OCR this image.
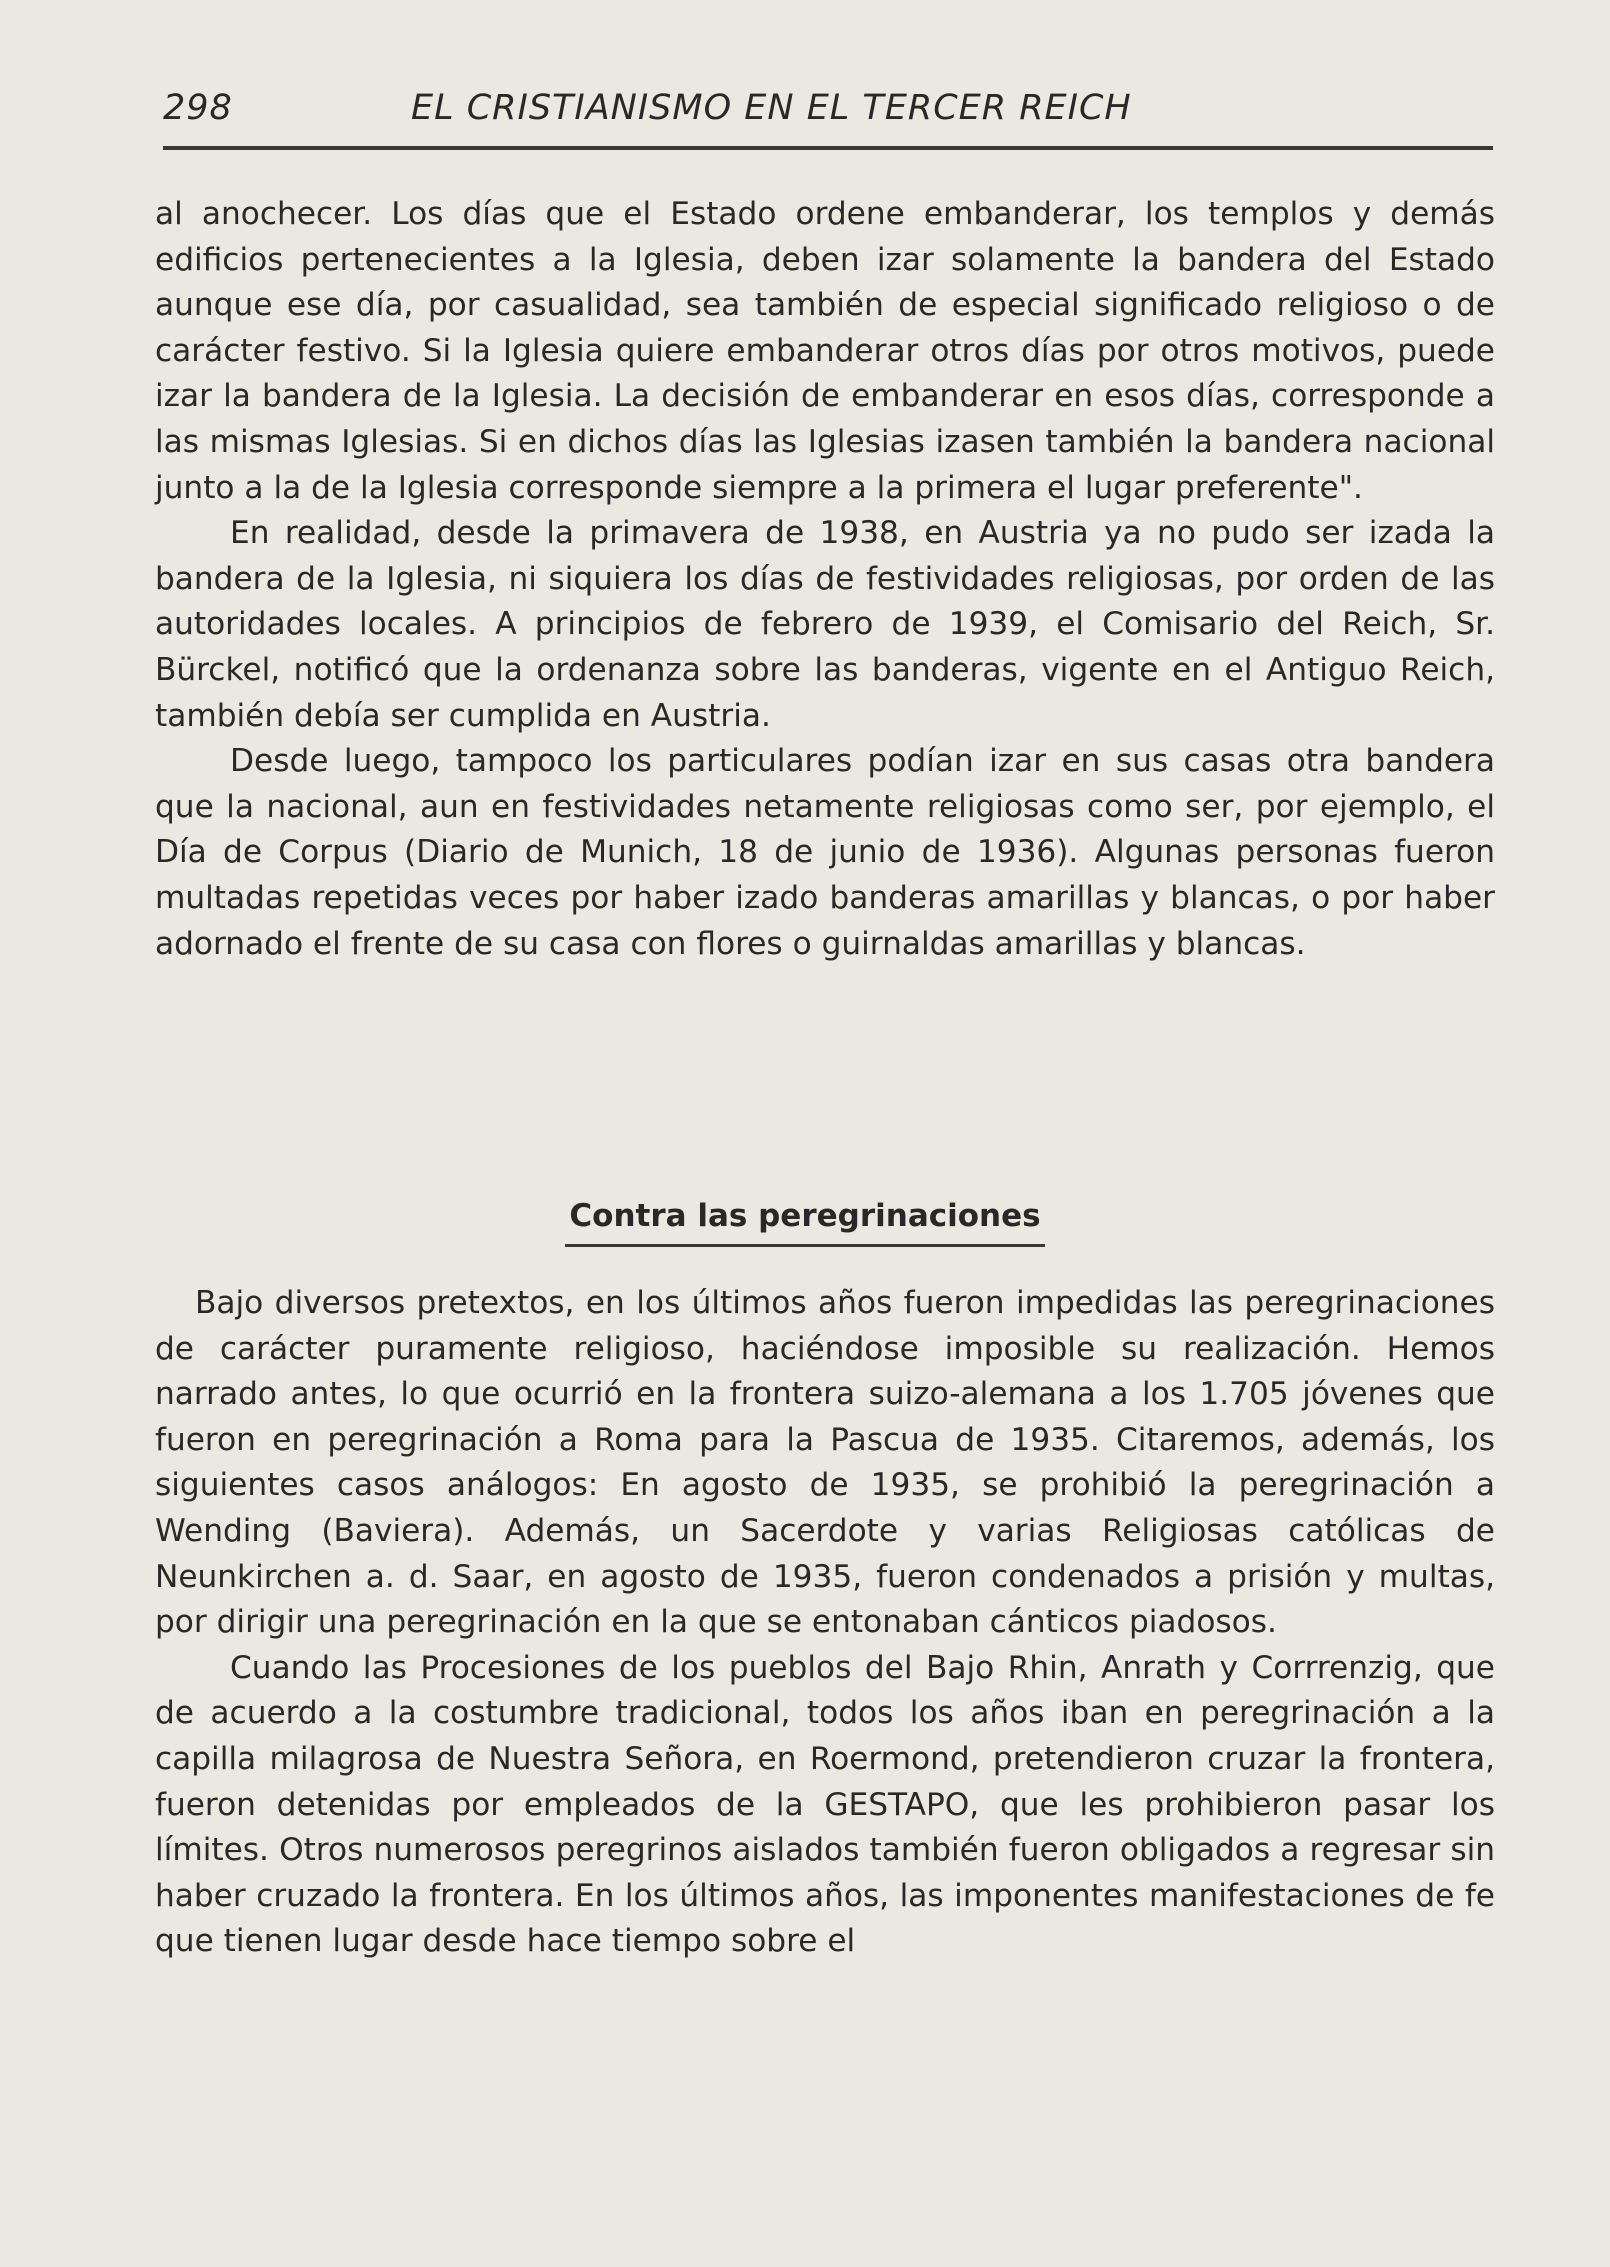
298	EL CRISTIANISMO EN EL TERCER REICH

al anochecer. Los días que el Estado ordene embanderar, los templos y demás edificios pertenecientes a la Iglesia, deben izar solamente la bandera del Estado aunque ese día, por casualidad, sea también de especial significado religioso o de carácter festivo. Si la Iglesia quiere embanderar otros días por otros motivos, puede izar la bandera de la Iglesia. La decisión de embanderar en esos días, corresponde a las mismas Iglesias. Si en dichos días las Iglesias izasen también la bandera nacional junto a la de la Iglesia corresponde siempre a la primera el lugar preferente".

En realidad, desde la primavera de 1938, en Austria ya no pudo ser izada la bandera de la Iglesia, ni siquiera los días de festividades religiosas, por orden de las autoridades locales. A principios de febrero de 1939, el Comisario del Reich, Sr. Bürckel, notificó que la ordenanza sobre las banderas, vigente en el Antiguo Reich, también debía ser cumplida en Austria.

Desde luego, tampoco los particulares podían izar en sus casas otra bandera que la nacional, aun en festividades netamente religiosas como ser, por ejemplo, el Día de Corpus (Diario de Munich, 18 de junio de 1936). Algunas personas fueron multadas repetidas veces por haber izado banderas amarillas y blancas, o por haber adornado el frente de su casa con flores o guirnaldas amarillas y blancas.

Contra las peregrinaciones

Bajo diversos pretextos, en los últimos años fueron impedidas las peregrinaciones de carácter puramente religioso, haciéndose imposible su realización. Hemos narrado antes, lo que ocurrió en la frontera suizo-alemana a los 1.705 jóvenes que fueron en peregrinación a Roma para la Pascua de 1935. Citaremos, además, los siguientes casos análogos: En agosto de 1935, se prohibió la peregrinación a Wending (Baviera). Además, un Sacerdote y varias Religiosas católicas de Neunkirchen a. d. Saar, en agosto de 1935, fueron condenados a prisión y multas, por dirigir una peregrinación en la que se entonaban cánticos piadosos.

Cuando las Procesiones de los pueblos del Bajo Rhin, Anrath y Corrrenzig, que de acuerdo a la costumbre tradicional, todos los años iban en peregrinación a la capilla milagrosa de Nuestra Señora, en Roermond, pretendieron cruzar la frontera, fueron detenidas por empleados de la GESTAPO, que les prohibieron pasar los límites. Otros numerosos peregrinos aislados también fueron obligados a regresar sin haber cruzado la frontera. En los últimos años, las imponentes manifestaciones de fe que tienen lugar desde hace tiempo sobre el
